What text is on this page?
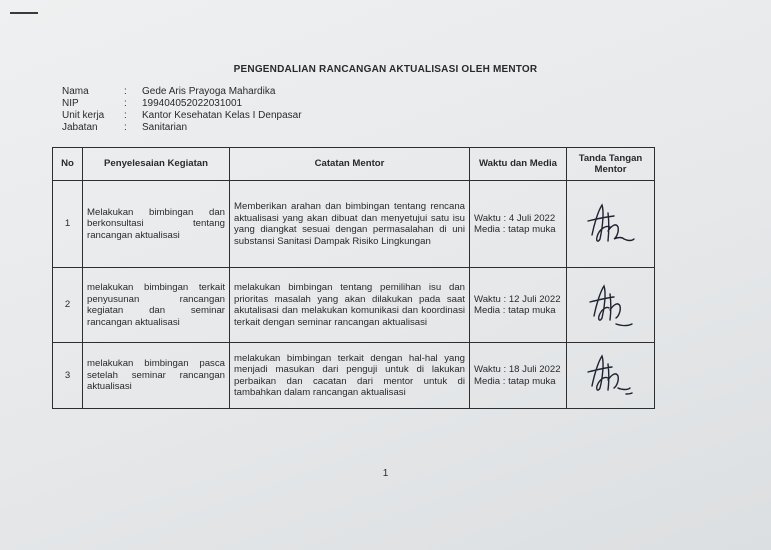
PENGENDALIAN RANCANGAN AKTUALISASI OLEH MENTOR
Nama	:	Gede Aris Prayoga Mahardika
NIP	:	199404052022031001
Unit kerja	:	Kantor Kesehatan Kelas I Denpasar
Jabatan	:	Sanitarian
No	Penyelesaian Kegiatan	Catatan Mentor	Waktu dan Media	Tanda Tangan Mentor
1	Melakukan bimbingan dan berkonsultasi tentang rancangan aktualisasi	Memberikan arahan dan bimbingan tentang rencana aktualisasi yang akan dibuat dan menyetujui satu isu yang diangkat sesuai dengan permasalahan di uni substansi Sanitasi Dampak Risiko Lingkungan	Waktu : 4 Juli 2022 Media : tatap muka	

2	melakukan bimbingan terkait penyusunan rancangan kegiatan dan seminar rancangan aktualisasi	melakukan bimbingan tentang pemilihan isu dan prioritas masalah yang akan dilakukan pada saat akutalisasi dan melakukan komunikasi dan koordinasi terkait dengan seminar rancangan aktualisasi	Waktu : 12 Juli 2022 Media : tatap muka	

3	melakukan bimbingan pasca setelah seminar rancangan aktualisasi	melakukan bimbingan terkait dengan hal-hal yang menjadi masukan dari penguji untuk di lakukan perbaikan dan cacatan dari mentor untuk di tambahkan dalam rancangan aktualisasi	Waktu : 18 Juli 2022 Media : tatap muka	
1
